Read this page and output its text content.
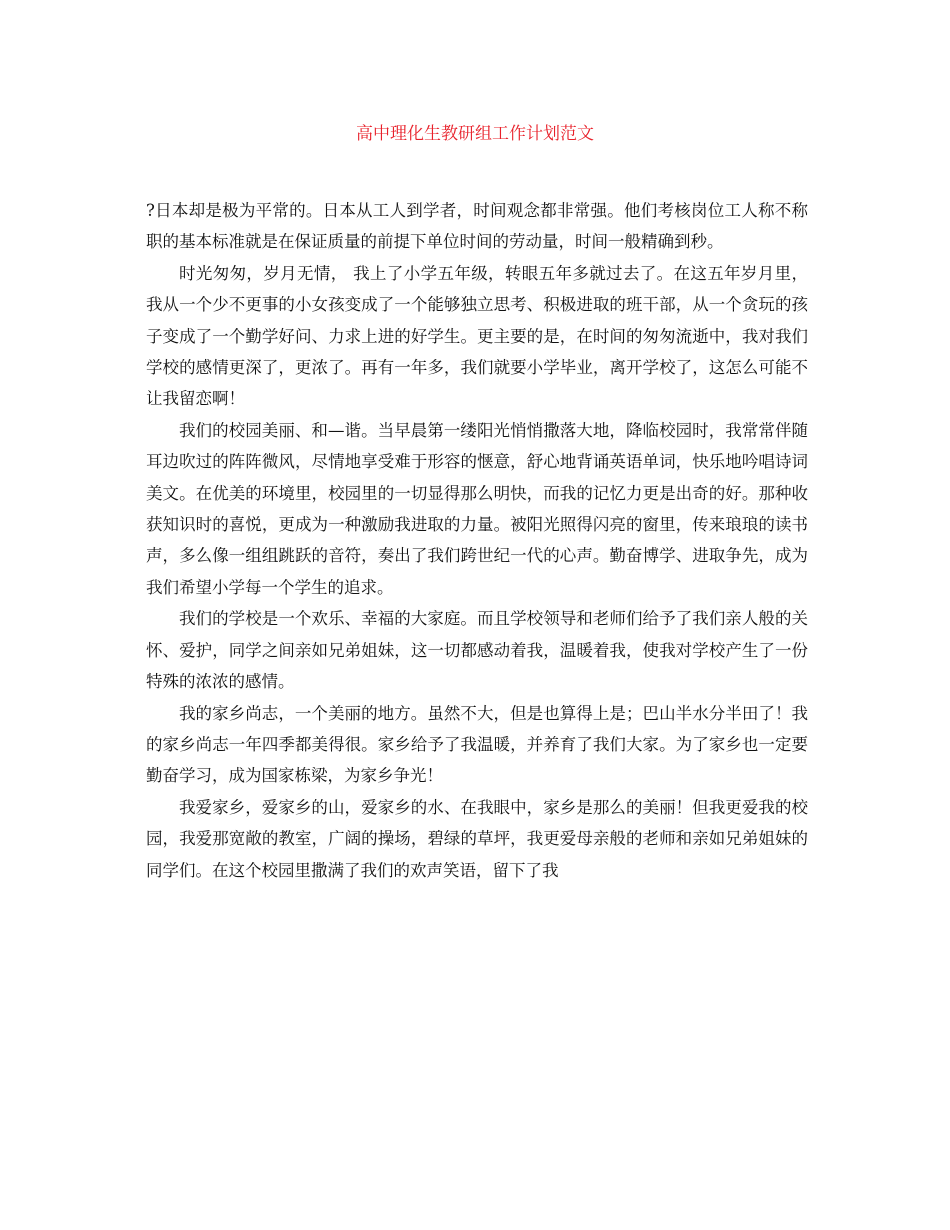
高中理化生教研组工作计划范文

?日本却是极为平常的。日本从工人到学者，时间观念都非常强。他们考核岗位工人称不称职的基本标准就是在保证质量的前提下单位时间的劳动量，时间一般精确到秒。

时光匆匆，岁月无情， 我上了小学五年级，转眼五年多就过去了。在这五年岁月里，我从一个少不更事的小女孩变成了一个能够独立思考、积极进取的班干部，从一个贪玩的孩子变成了一个勤学好问、力求上进的好学生。更主要的是，在时间的匆匆流逝中，我对我们学校的感情更深了，更浓了。再有一年多，我们就要小学毕业，离开学校了，这怎么可能不让我留恋啊！

我们的校园美丽、和—谐。当早晨第一缕阳光悄悄撒落大地，降临校园时，我常常伴随耳边吹过的阵阵微风，尽情地享受难于形容的惬意，舒心地背诵英语单词，快乐地吟唱诗词美文。在优美的环境里，校园里的一切显得那么明快，而我的记忆力更是出奇的好。那种收获知识时的喜悦，更成为一种激励我进取的力量。被阳光照得闪亮的窗里，传来琅琅的读书声，多么像一组组跳跃的音符，奏出了我们跨世纪一代的心声。勤奋博学、进取争先，成为我们希望小学每一个学生的追求。

我们的学校是一个欢乐、幸福的大家庭。而且学校领导和老师们给予了我们亲人般的关怀、爱护，同学之间亲如兄弟姐妹，这一切都感动着我，温暖着我，使我对学校产生了一份特殊的浓浓的感情。

我的家乡尚志，一个美丽的地方。虽然不大，但是也算得上是；巴山半水分半田了！我的家乡尚志一年四季都美得很。家乡给予了我温暖，并养育了我们大家。为了家乡也一定要勤奋学习，成为国家栋梁，为家乡争光！

我爱家乡，爱家乡的山，爱家乡的水、在我眼中，家乡是那么的美丽！但我更爱我的校园，我爱那宽敞的教室，广阔的操场，碧绿的草坪，我更爱母亲般的老师和亲如兄弟姐妹的同学们。在这个校园里撒满了我们的欢声笑语，留下了我
